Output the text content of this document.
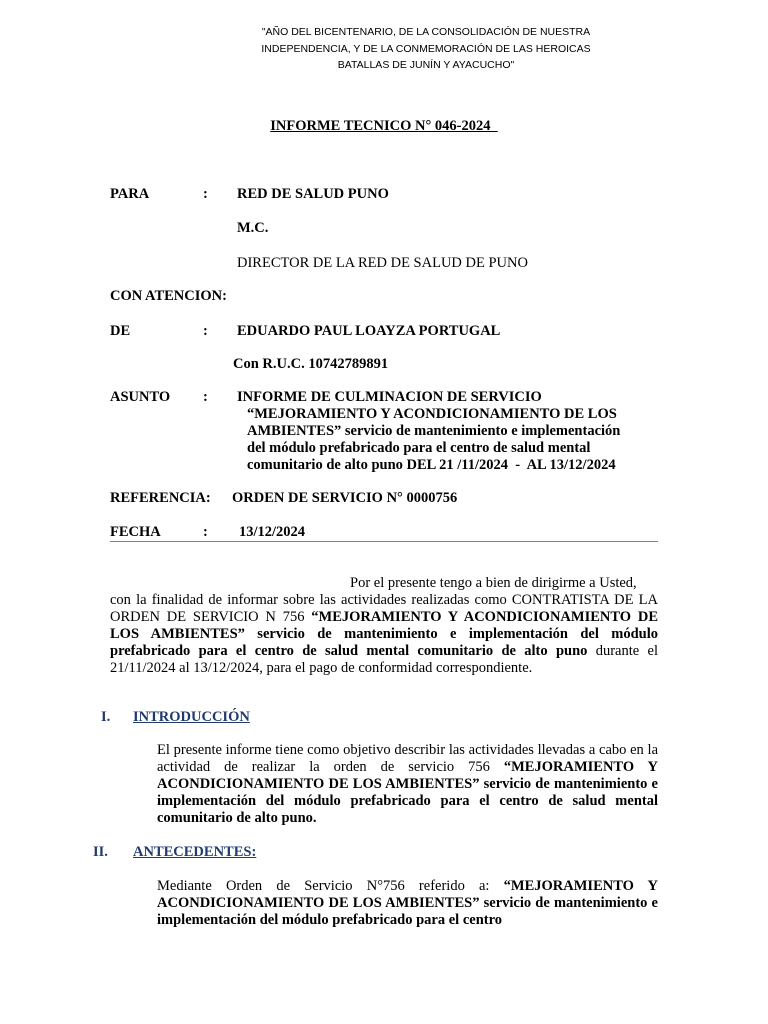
"AÑO DEL BICENTENARIO, DE LA CONSOLIDACIÓN DE NUESTRA
INDEPENDENCIA, Y DE LA CONMEMORACIÓN DE LAS HEROICAS
BATALLAS DE JUNÍN Y AYACUCHO"
INFORME TECNICO N° 046-2024
PARA	: RED DE SALUD PUNO
M.C.
DIRECTOR DE LA RED DE SALUD DE PUNO
CON ATENCION:
DE	: EDUARDO PAUL LOAYZA PORTUGAL
Con R.U.C. 10742789891
ASUNTO : INFORME DE CULMINACION DE SERVICIO
“MEJORAMIENTO Y ACONDICIONAMIENTO DE LOS
AMBIENTES” servicio de mantenimiento e implementación
del módulo prefabricado para el centro de salud mental
comunitario de alto puno DEL 21 /11/2024  -  AL 13/12/2024
REFERENCIA: ORDEN DE SERVICIO N° 0000756
FECHA	: 13/12/2024
Por el presente tengo a bien de dirigirme a Usted,
con la finalidad de informar sobre las actividades realizadas como CONTRATISTA DE LA ORDEN DE SERVICIO N 756 “MEJORAMIENTO Y ACONDICIONAMIENTO DE LOS AMBIENTES” servicio de mantenimiento e implementación del módulo prefabricado para el centro de salud mental comunitario de alto puno durante el 21/11/2024 al 13/12/2024, para el pago de conformidad correspondiente.
I. INTRODUCCIÓN
El presente informe tiene como objetivo describir las actividades llevadas a cabo en la actividad de realizar la orden de servicio 756 “MEJORAMIENTO Y ACONDICIONAMIENTO DE LOS AMBIENTES” servicio de mantenimiento e implementación del módulo prefabricado para el centro de salud mental comunitario de alto puno.
II. ANTECEDENTES:
Mediante Orden de Servicio N°756 referido a: “MEJORAMIENTO Y ACONDICIONAMIENTO DE LOS AMBIENTES” servicio de mantenimiento e implementación del módulo prefabricado para el centro
